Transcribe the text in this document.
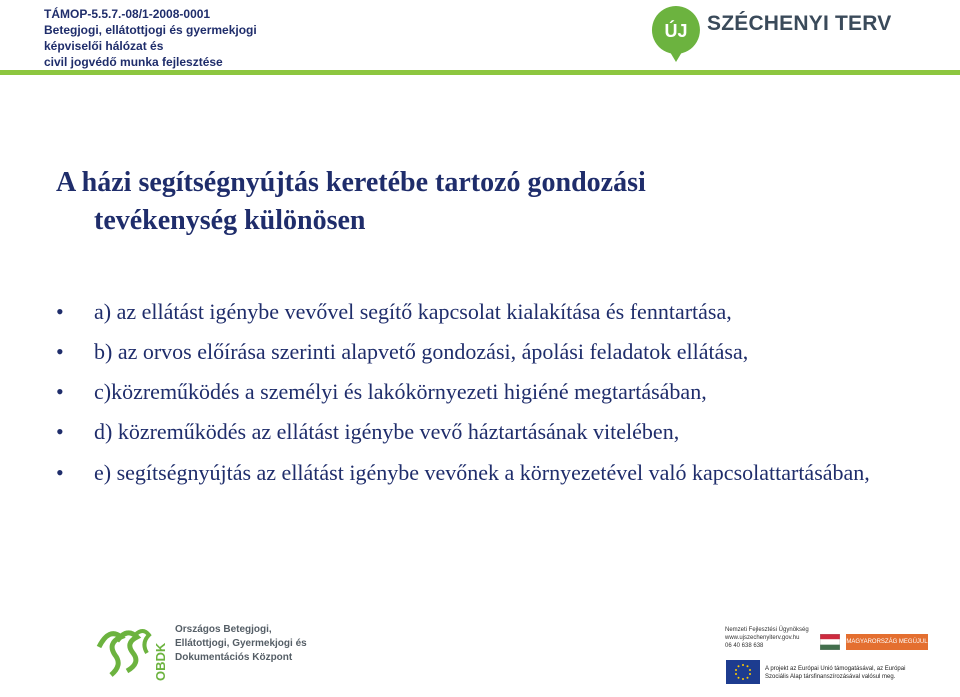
TÁMOP-5.5.7.-08/1-2008-0001
Betegjogi, ellátottjogi és gyermekjogi
képviselői hálózat és
civil jogvédő munka fejlesztése
ÚJ SZÉCHENYI TERV
A házi segítségnyújtás keretébe tartozó gondozási
tevékenység különösen
• a) az ellátást igénybe vevővel segítő kapcsolat kialakítása és fenntartása,
• b) az orvos előírása szerinti alapvető gondozási, ápolási feladatok ellátása,
• c)közreműködés a személyi és lakókörnyezeti higiéné megtartásában,
• d) közreműködés az ellátást igénybe vevő háztartásának vitelében,
• e) segítségnyújtás az ellátást igénybe vevőnek a környezetével való kapcsolattartásában,
OBDK
Országos Betegjogi,
Ellátottjogi, Gyermekjogi és
Dokumentációs Központ
Nemzeti Fejlesztési Ügynökség
www.ujszechenyiterv.gov.hu
06 40 638 638
MAGYARORSZÁG MEGÚJUL
A projekt az Európai Unió támogatásával, az Európai
Szociális Alap társfinanszírozásával valósul meg.
